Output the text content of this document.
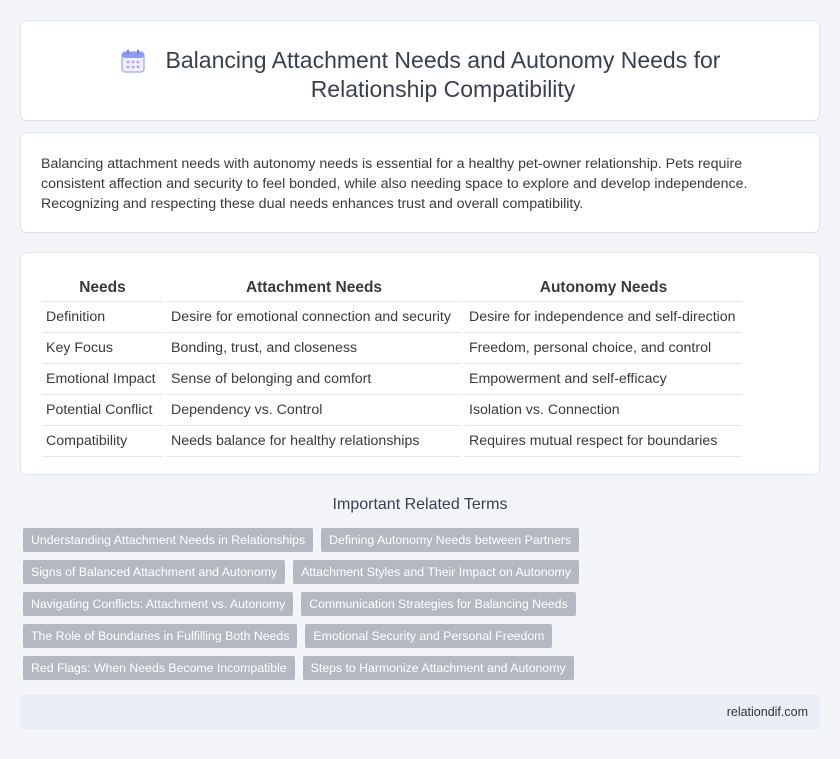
Balancing Attachment Needs and Autonomy Needs for
Relationship Compatibility

Balancing attachment needs with autonomy needs is essential for a healthy pet-owner relationship. Pets require consistent affection and security to feel bonded, while also needing space to explore and develop independence. Recognizing and respecting these dual needs enhances trust and overall compatibility.

Needs	Attachment Needs	Autonomy Needs
Definition	Desire for emotional connection and security	Desire for independence and self-direction
Key Focus	Bonding, trust, and closeness	Freedom, personal choice, and control
Emotional Impact	Sense of belonging and comfort	Empowerment and self-efficacy
Potential Conflict	Dependency vs. Control	Isolation vs. Connection
Compatibility	Needs balance for healthy relationships	Requires mutual respect for boundaries
Important Related Terms
Understanding Attachment Needs in Relationships	Defining Autonomy Needs between Partners
Signs of Balanced Attachment and Autonomy	Attachment Styles and Their Impact on Autonomy
Navigating Conflicts: Attachment vs. Autonomy	Communication Strategies for Balancing Needs
The Role of Boundaries in Fulfilling Both Needs	Emotional Security and Personal Freedom
Red Flags: When Needs Become Incompatible	Steps to Harmonize Attachment and Autonomy
relationdif.com
